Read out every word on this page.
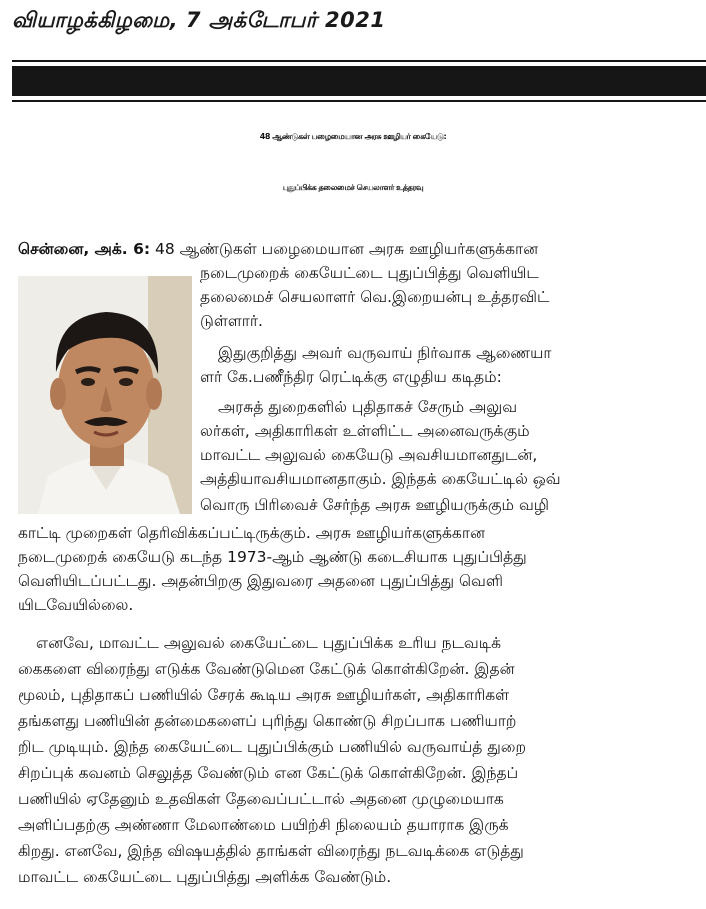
வியாழக்கிழமை, 7 அக்டோபர் 2021
48 ஆண்டுகள் பழைமையான அரசு ஊழியர் கையேடு:
புதுப்பிக்க தலைமைச் செயலாளர் உத்தரவு
சென்னை, அக். 6: 48 ஆண்டுகள் பழைமையான அரசு ஊழியர்களுக்கான
நடைமுறைக் கையேட்டை புதுப்பித்து வெளியிட
தலைமைச் செயலாளர் வெ.இறையன்பு உத்தரவிட்
டுள்ளார்.
இதுகுறித்து அவர் வருவாய் நிர்வாக ஆணையா
ளர் கே.பணீந்திர ரெட்டிக்கு எழுதிய கடிதம்:
அரசுத் துறைகளில் புதிதாகச் சேரும் அலுவ
லர்கள், அதிகாரிகள் உள்ளிட்ட அனைவருக்கும்
மாவட்ட அலுவல் கையேடு அவசியமானதுடன்,
அத்தியாவசியமானதாகும். இந்தக் கையேட்டில் ஒவ்
வொரு பிரிவைச் சேர்ந்த அரசு ஊழியருக்கும் வழி
காட்டி முறைகள் தெரிவிக்கப்பட்டிருக்கும். அரசு ஊழியர்களுக்கான
நடைமுறைக் கையேடு கடந்த 1973-ஆம் ஆண்டு கடைசியாக புதுப்பித்து
வெளியிடப்பட்டது. அதன்பிறகு இதுவரை அதனை புதுப்பித்து வெளி
யிடவேயில்லை.
எனவே, மாவட்ட அலுவல் கையேட்டை புதுப்பிக்க உரிய நடவடிக்
கைகளை விரைந்து எடுக்க வேண்டுமென கேட்டுக் கொள்கிறேன். இதன்
மூலம், புதிதாகப் பணியில் சேரக் கூடிய அரசு ஊழியர்கள், அதிகாரிகள்
தங்களது பணியின் தன்மைகளைப் புரிந்து கொண்டு சிறப்பாக பணியாற்
றிட முடியும். இந்த கையேட்டை புதுப்பிக்கும் பணியில் வருவாய்த் துறை
சிறப்புக் கவனம் செலுத்த வேண்டும் என கேட்டுக் கொள்கிறேன். இந்தப்
பணியில் ஏதேனும் உதவிகள் தேவைப்பட்டால் அதனை முழுமையாக
அளிப்பதற்கு அண்ணா மேலாண்மை பயிற்சி நிலையம் தயாராக இருக்
கிறது. எனவே, இந்த விஷயத்தில் தாங்கள் விரைந்து நடவடிக்கை எடுத்து
மாவட்ட கையேட்டை புதுப்பித்து அளிக்க வேண்டும்.
